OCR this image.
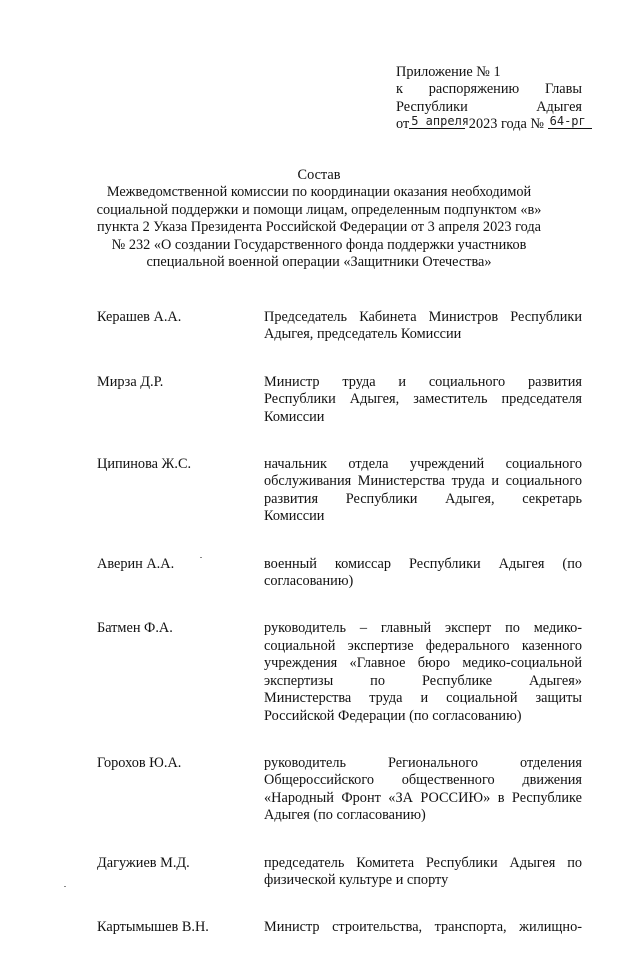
Приложение № 1
к распоряжению Главы
Республики	Адыгея
от 5 апреля 2023 года № 64-рг
Состав
Межведомственной комиссии по координации оказания необходимой
социальной поддержки и помощи лицам, определенным подпунктом «в»
пункта 2 Указа Президента Российской Федерации от 3 апреля 2023 года
№ 232 «О создании Государственного фонда поддержки участников
специальной военной операции «Защитники Отечества»
Керашев А.А.	Председатель Кабинета Министров Республики
Адыгея, председатель Комиссии
Мирза Д.Р.	Министр труда и социального развития
Республики Адыгея, заместитель председателя
Комиссии
Ципинова Ж.С.	начальник отдела учреждений социального
обслуживания Министерства труда и социального
развития Республики Адыгея, секретарь
Комиссии
Аверин А.А.	военный комиссар Республики Адыгея (по
согласованию)
Батмен Ф.А.	руководитель – главный эксперт по медико-
социальной экспертизе федерального казенного
учреждения «Главное бюро медико-социальной
экспертизы по Республике Адыгея»
Министерства труда и социальной защиты
Российской Федерации (по согласованию)
Горохов Ю.А.	руководитель Регионального отделения
Общероссийского общественного движения
«Народный Фронт «ЗА РОССИЮ» в Республике
Адыгея (по согласованию)
Дагужиев М.Д.	председатель Комитета Республики Адыгея по
физической культуре и спорту
Картымышев В.Н.	Министр строительства, транспорта, жилищно-
